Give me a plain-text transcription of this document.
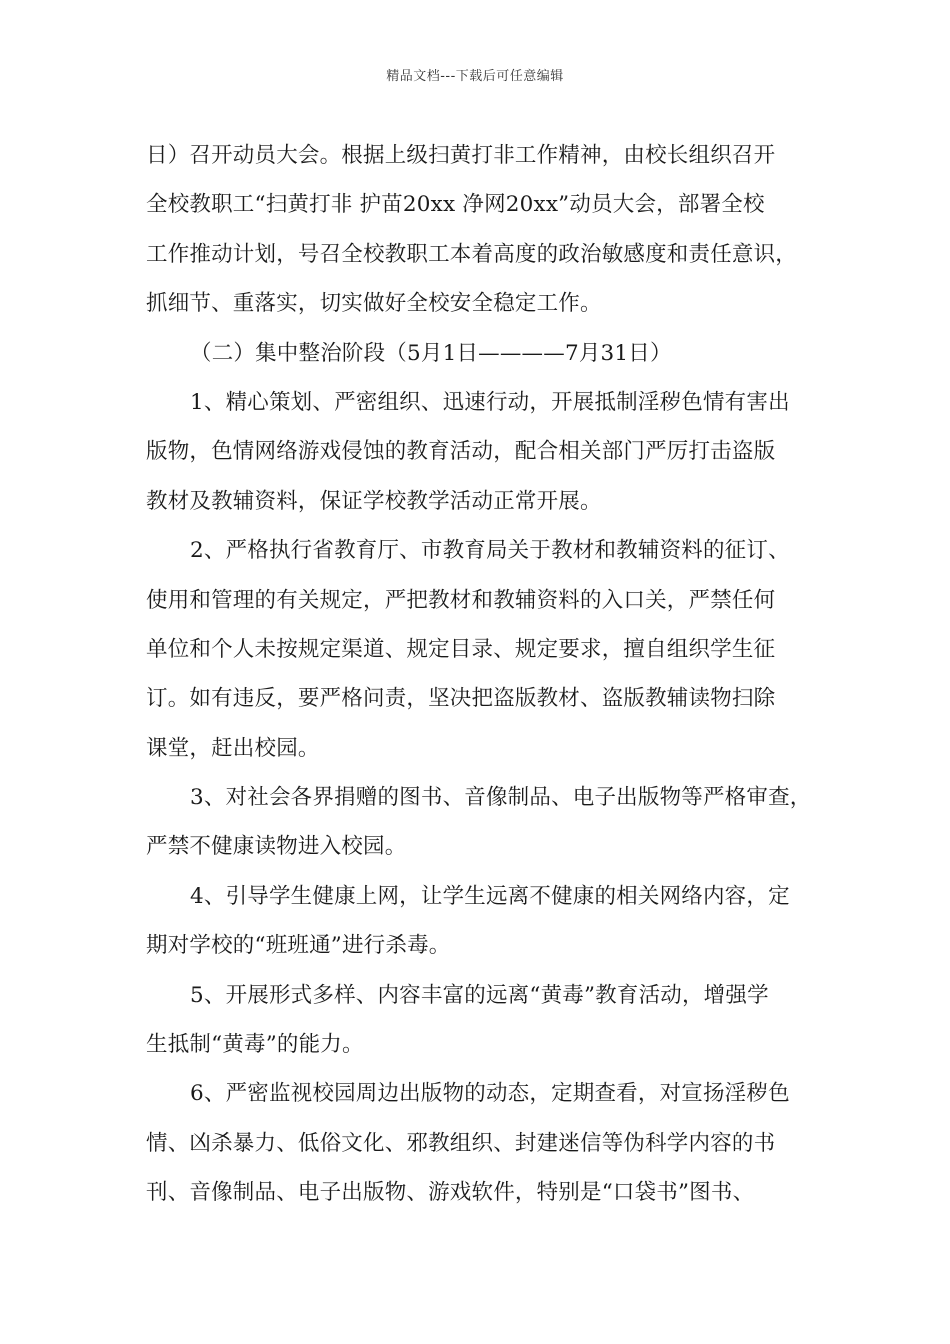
精品文档---下载后可任意编辑
日）召开动员大会。根据上级扫黄打非工作精神，由校长组织召开
全校教职工“扫黄打非 护苗20xx 净网20xx”动员大会，部署全校
工作推动计划，号召全校教职工本着高度的政治敏感度和责任意识，
抓细节、重落实，切实做好全校安全稳定工作。
（二）集中整治阶段（5月1日————7月31日）
1、精心策划、严密组织、迅速行动，开展抵制淫秽色情有害出
版物，色情网络游戏侵蚀的教育活动，配合相关部门严厉打击盗版
教材及教辅资料，保证学校教学活动正常开展。
2、严格执行省教育厅、市教育局关于教材和教辅资料的征订、
使用和管理的有关规定，严把教材和教辅资料的入口关，严禁任何
单位和个人未按规定渠道、规定目录、规定要求，擅自组织学生征
订。如有违反，要严格问责，坚决把盗版教材、盗版教辅读物扫除
课堂，赶出校园。
3、对社会各界捐赠的图书、音像制品、电子出版物等严格审查，
严禁不健康读物进入校园。
4、引导学生健康上网，让学生远离不健康的相关网络内容，定
期对学校的“班班通”进行杀毒。
5、开展形式多样、内容丰富的远离“黄毒”教育活动，增强学
生抵制“黄毒”的能力。
6、严密监视校园周边出版物的动态，定期查看，对宣扬淫秽色
情、凶杀暴力、低俗文化、邪教组织、封建迷信等伪科学内容的书
刊、音像制品、电子出版物、游戏软件，特别是“口袋书”图书、
